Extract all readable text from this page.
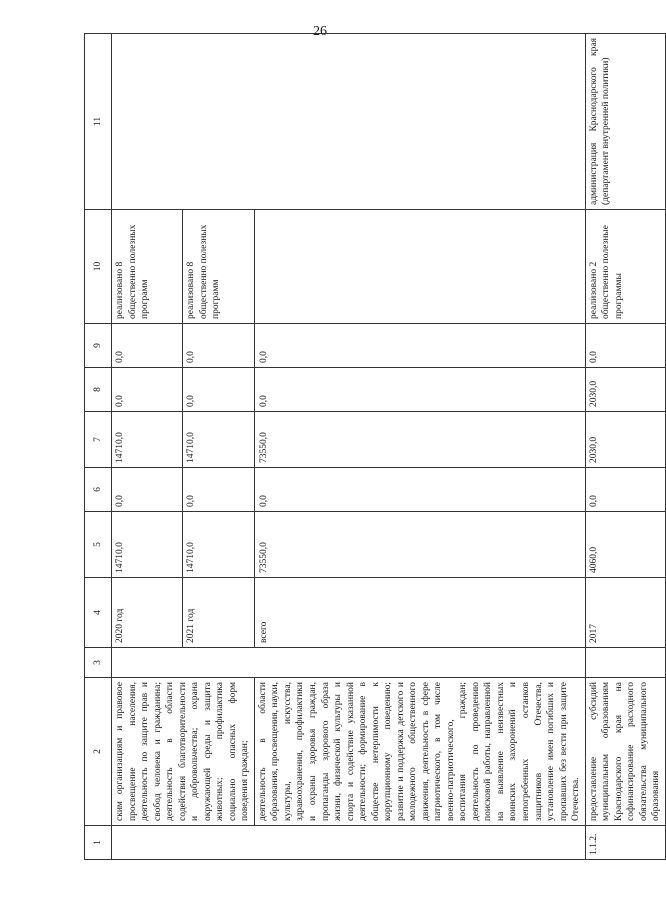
26
1	2	3	4	5	6	7	8	9	10	11
	ским организациям и правовое просвещение населения, деятельность по защите прав и свобод человека и гражданина; деятельность в области содействия благотворительности и добровольчества; охрана окружающей среды и защита животных; профилактика социально опасных форм поведения граждан;		2020 год	14710,0	0,0	14710,0	0,0	0,0	реализовано 8 общественно полезных программ	
			2021 год	14710,0	0,0	14710,0	0,0	0,0	реализовано 8 общественно полезных программ	
	деятельность в области образования, просвещения, науки, культуры, искусства, здравоохранения, профилактики и охраны здоровья граждан, пропаганды здорового образа жизни, физической культуры и спорта и содействие указанной деятельности; формирование в обществе нетерпимости к коррупционному поведению; развитие и поддержка детского и молодежного общественного движения, деятельность в сфере патриотического, в том числе военно-патриотического, воспитания граждан; деятельность по проведению поисковой работы, направленной на выявление неизвестных воинских захоронений и непогребенных останков защитников Отечества, установление имен погибших и пропавших без вести при защите Отечества.		всего	73550,0	0,0	73550,0	0,0	0,0		
1.1.2.	предоставление субсидий муниципальным образованиям Краснодарского края на софинансирование расходного обязательства муниципального образования		2017	4060,0	0,0	2030,0	2030,0	0,0	реализовано 2 общественно полезные программы	администрация Краснодарского края (департамент внутренней политики)
